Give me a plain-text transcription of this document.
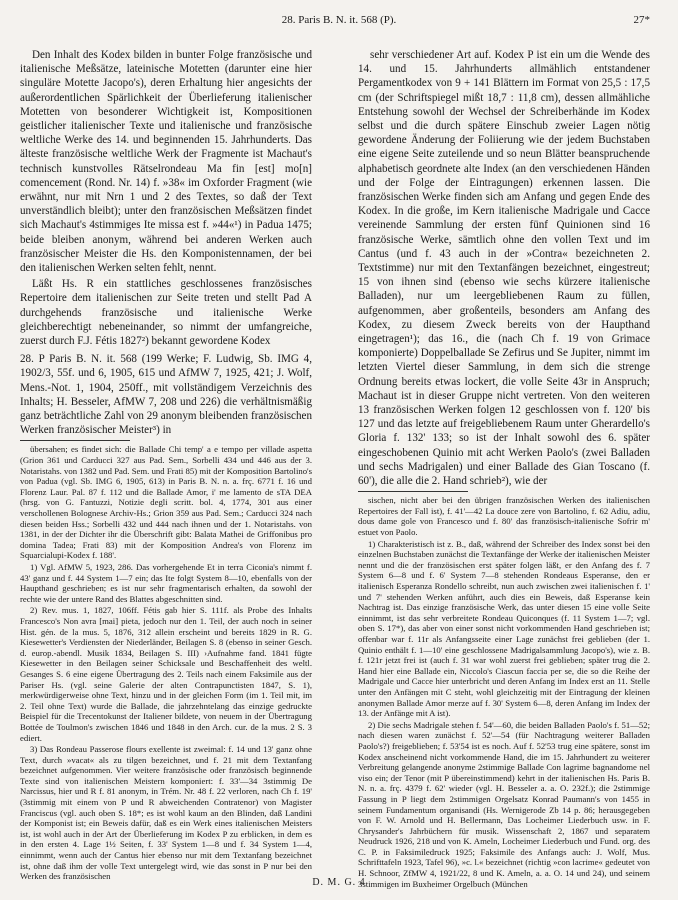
28. Paris B. N. it. 568 (P).	27*

Den Inhalt des Kodex bilden in bunter Folge französische und italienische Meßsätze, lateinische Motetten (darunter eine hier singuläre Motette Jacopo's), deren Erhaltung hier angesichts der außerordentlichen Spärlichkeit der Überlieferung italienischer Motetten von besonderer Wichtigkeit ist, Kompositionen geistlicher italienischer Texte und italienische und französische weltliche Werke des 14. und beginnenden 15. Jahrhunderts. Das älteste französische weltliche Werk der Fragmente ist Machaut's technisch kunstvolles Rätselrondeau Ma fin [est] mo[n] comencement (Rond. Nr. 14) f. »38« im Oxforder Fragment (wie erwähnt, nur mit Nrn 1 und 2 des Textes, so daß der Text unverständlich bleibt); unter den französischen Meßsätzen findet sich Machaut's 4stimmiges Ite missa est f. »44«¹) in Padua 1475; beide bleiben anonym, während bei anderen Werken auch französischer Meister die Hs. den Komponistennamen, der bei den italienischen Werken selten fehlt, nennt.

Läßt Hs. R ein stattliches geschlossenes französisches Repertoire dem italienischen zur Seite treten und stellt Pad A durchgehends französische und italienische Werke gleichberechtigt nebeneinander, so nimmt der umfangreiche, zuerst durch F.J. Fétis 1827²) bekannt gewordene Kodex

28. P Paris B. N. it. 568 (199 Werke; F. Ludwig, Sb. IMG 4, 1902/3, 55f. und 6, 1905, 615 und AfMW 7, 1925, 421; J. Wolf, Mens.-Not. 1, 1904, 250ff., mit vollständigem Verzeichnis des Inhalts; H. Besseler, AfMW 7, 208 und 226) die verhältnismäßig ganz beträchtliche Zahl von 29 anonym bleibenden französischen Werken französischer Meister³) in

übersahen; es findet sich: die Ballade Chi temp' a e tempo per villade aspetta (Grion 361 und Carducci 327 aus Pad. Sem., Sorbelli 434 und 446 aus der 3. Notaristahs. von 1382 und Pad. Sem. und Frati 85) mit der Komposition Bartolino's von Padua (vgl. Sb. IMG 6, 1905, 613) in Paris B. N. n. a. frç. 6771 f. 16 und Florenz Laur. Pal. 87 f. 112 und die Ballade Amor, i' me lamento de sTA DEA (hrsg. von G. Fantuzzi, Notizie degli scritt. bol. 4, 1774, 301 aus einer verschollenen Bolognese Archiv-Hs.; Grion 359 aus Pad. Sem.; Carducci 324 nach diesen beiden Hss.; Sorbelli 432 und 444 nach ihnen und der 1. Notaristahs. von 1381, in der der Dichter ihr die Überschrift gibt: Balata Mathei de Griffonibus pro domina Tadea; Frati 83) mit der Komposition Andrea's von Florenz im Squarcialupi-Kodex f. 188'.

1) Vgl. AfMW 5, 1923, 286. Das vorhergehende Et in terra Ciconia's nimmt f. 43' ganz und f. 44 System 1—7 ein; das Ite folgt System 8—10, ebenfalls von der Haupthand geschrieben; es ist nur sehr fragmentarisch erhalten, da sowohl der rechte wie der untere Rand des Blattes abgeschnitten sind.

2) Rev. mus. 1, 1827, 106ff. Fétis gab hier S. 111f. als Probe des Inhalts Francesco's Non avra [mai] pieta, jedoch nur den 1. Teil, der auch noch in seiner Hist. gén. de la mus. 5, 1876, 312 allein erscheint und bereits 1829 in R. G. Kiesewetter's Verdiensten der Niederländer, Beilagen S. 8 (ebenso in seiner Gesch. d. europ.-abendl. Musik 1834, Beilagen S. III) ›Aufnahme fand. 1841 fügte Kiesewetter in den Beilagen seiner Schicksale und Beschaffenheit des weltl. Gesanges S. 6 eine eigene Übertragung des 2. Teils nach einem Faksimile aus der Pariser Hs. (vgl. seine Galerie der alten Contrapunctisten 1847, S. 1), merkwürdigerweise ohne Text, hinzu und in der gleichen Form (im 1. Teil mit, im 2. Teil ohne Text) wurde die Ballade, die jahrzehntelang das einzige gedruckte Beispiel für die Trecentokunst der Italiener bildete, von neuem in der Übertragung Bottée de Toulmon's zwischen 1846 und 1848 in den Arch. cur. de la mus. 2 S. 3 ediert.

3) Das Rondeau Passerose flours exellente ist zweimal: f. 14 und 13' ganz ohne Text, durch »vacat« als zu tilgen bezeichnet, und f. 21 mit dem Textanfang bezeichnet aufgenommen. Vier weitere französische oder französisch beginnende Texte sind von italienischen Meistern komponiert: f. 33'—34 3stimmig De Narcissus, hier und R f. 81 anonym, in Trém. Nr. 48 f. 22 verloren, nach Ch f. 19' (3stimmig mit einem von P und R abweichenden Contratenor) von Magister Franciscus (vgl. auch oben S. 18*; es ist wohl kaum an den Blinden, daß Landini der Komponist ist; ein Beweis dafür, daß es ein Werk eines italienischen Meisters ist, ist wohl auch in der Art der Überlieferung im Kodex P zu erblicken, in dem es in den ersten 4. Lage 1½ Seiten, f. 33' System 1—8 und f. 34 System 1—4, einnimmt, wenn auch der Cantus hier ebenso nur mit dem Textanfang bezeichnet ist, ohne daß ihm der volle Text untergelegt wird, wie das sonst in P nur bei den Werken des französischen

sehr verschiedener Art auf. Kodex P ist ein um die Wende des 14. und 15. Jahrhunderts allmählich entstandener Pergamentkodex von 9 + 141 Blättern im Format von 25,5 : 17,5 cm (der Schriftspiegel mißt 18,7 : 11,8 cm), dessen allmähliche Entstehung sowohl der Wechsel der Schreiberhände im Kodex selbst und die durch spätere Einschub zweier Lagen nötig gewordene Änderung der Foliierung wie der jedem Buchstaben eine eigene Seite zuteilende und so neun Blätter beanspruchende alphabetisch geordnete alte Index (an den verschiedenen Händen und der Folge der Eintragungen) erkennen lassen. Die französischen Werke finden sich am Anfang und gegen Ende des Kodex. In die große, im Kern italienische Madrigale und Cacce vereinende Sammlung der ersten fünf Quinionen sind 16 französische Werke, sämtlich ohne den vollen Text und im Cantus (und f. 43 auch in der »Contra« bezeichneten 2. Textstimme) nur mit den Textanfängen bezeichnet, eingestreut; 15 von ihnen sind (ebenso wie sechs kürzere italienische Balladen), nur um leergebliebenen Raum zu füllen, aufgenommen, aber großenteils, besonders am Anfang des Kodex, zu diesem Zweck bereits von der Haupthand eingetragen¹); das 16., die (nach Ch f. 19 von Grimace komponierte) Doppelballade Se Zefirus und Se Jupiter, nimmt im letzten Viertel dieser Sammlung, in dem sich die strenge Ordnung bereits etwas lockert, die volle Seite 43r in Anspruch; Machaut ist in dieser Gruppe nicht vertreten. Von den weiteren 13 französischen Werken folgen 12 geschlossen von f. 120' bis 127 und das letzte auf freigebliebenem Raum unter Gherardello's Gloria f. 132' 133; so ist der Inhalt sowohl des 6. später eingeschobenen Quinio mit acht Werken Paolo's (zwei Balladen und sechs Madrigalen) und einer Ballade des Gian Toscano (f. 60'), die alle die 2. Hand schrieb²), wie der

sischen, nicht aber bei den übrigen französischen Werken des italienischen Repertoires der Fall ist), f. 41'—42 La douce zere von Bartolino, f. 62 Adiu, adiu, dous dame gole von Francesco und f. 80' das französisch-italienische Sofrir m' estuet von Paolo.

1) Charakteristisch ist z. B., daß, während der Schreiber des Index sonst bei den einzelnen Buchstaben zunächst die Textanfänge der Werke der italienischen Meister nennt und die der französischen erst später folgen läßt, er den Anfang des f. 7 System 6—8 und f. 6' System 7—8 stehenden Rondeaus Esperanse, den er italienisch Esperanza Rondello schreibt, nun auch zwischen zwei italienischen f. 1' und 7' stehenden Werken anführt, auch dies ein Beweis, daß Esperanse kein Nachtrag ist. Das einzige französische Werk, das unter diesen 15 eine volle Seite einnimmt, ist das sehr verbreitete Rondeau Quiconques (f. 11 System 1—7; vgl. oben S. 17*), das aber von einer sonst nicht vorkommenden Hand geschrieben ist; offenbar war f. 11r als Anfangsseite einer Lage zunächst frei geblieben (der 1. Quinio enthält f. 1—10' eine geschlossene Madrigalsammlung Jacopo's), wie z. B. f. 121r jetzt frei ist (auch f. 31 war wohl zuerst frei geblieben; später trug die 2. Hand hier eine Ballade ein, Niccolo's Ciascun faccia per se, die so die Reihe der Madrigale und Cacce hier unterbricht und deren Anfang im Index erst an 11. Stelle unter den Anfängen mit C steht, wohl gleichzeitig mit der Eintragung der kleinen anonymen Ballade Amor merze auf f. 30' System 6—8, deren Anfang im Index der 13. der Anfänge mit A ist).

2) Die sechs Madrigale stehen f. 54'—60, die beiden Balladen Paolo's f. 51—52; nach diesen waren zunächst f. 52'—54 (für Nachtragung weiterer Balladen Paolo's?) freigeblieben; f. 53'54 ist es noch. Auf f. 52'53 trug eine spätere, sonst im Kodex anscheinend nicht vorkommende Hand, die im 15. Jahrhundert zu weiterer Verbreitung gelangende anonyme 2stimmige Ballade Con lagrime bagnandome nel viso ein; der Tenor (mit P übereinstimmend) kehrt in der italienischen Hs. Paris B. N. n. a. frç. 4379 f. 62' wieder (vgl. H. Besseler a. a. O. 232f.); die 2stimmige Fassung in P liegt dem 2stimmigen Orgelsatz Konrad Paumann's von 1455 in seinem Fundamentum organisandi (Hs. Wernigerode Zb 14 p. 86; herausgegeben von F. W. Arnold und H. Bellermann, Das Locheimer Liederbuch usw. in F. Chrysander's Jahrbüchern für musik. Wissenschaft 2, 1867 und separatem Neudruck 1926, 218 und von K. Ameln, Locheimer Liederbuch und Fund. org. des C. P. in Faksimiledruck 1925; Faksimile des Anfangs auch: J. Wolf, Mus. Schrifttafeln 1923, Tafel 96), »c. l.« bezeichnet (richtig »con lacrime« gedeutet von H. Schnoor, ZfMW 4, 1921/22, 8 und K. Ameln, a. a. O. 14 und 24), und seinem 3stimmigen im Buxheimer Orgelbuch (München

D. M. G. 4
